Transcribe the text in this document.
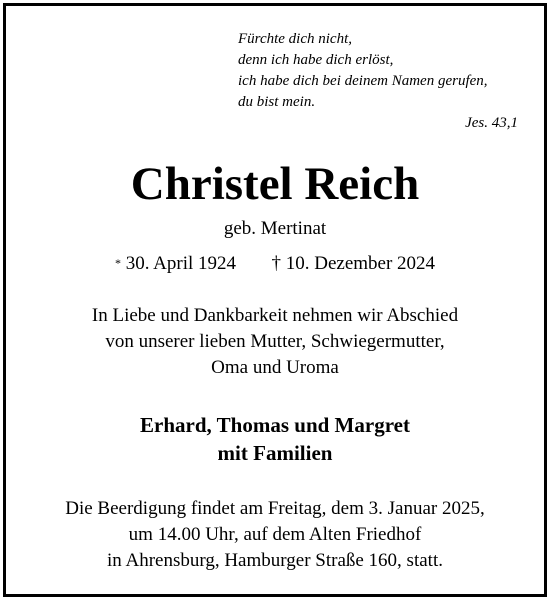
Fürchte dich nicht,
denn ich habe dich erlöst,
ich habe dich bei deinem Namen gerufen,
du bist mein.
Jes. 43,1
Christel Reich
geb. Mertinat
* 30. April 1924 † 10. Dezember 2024
In Liebe und Dankbarkeit nehmen wir Abschied
von unserer lieben Mutter, Schwiegermutter,
Oma und Uroma
Erhard, Thomas und Margret
mit Familien
Die Beerdigung findet am Freitag, dem 3. Januar 2025,
um 14.00 Uhr, auf dem Alten Friedhof
in Ahrensburg, Hamburger Straße 160, statt.
